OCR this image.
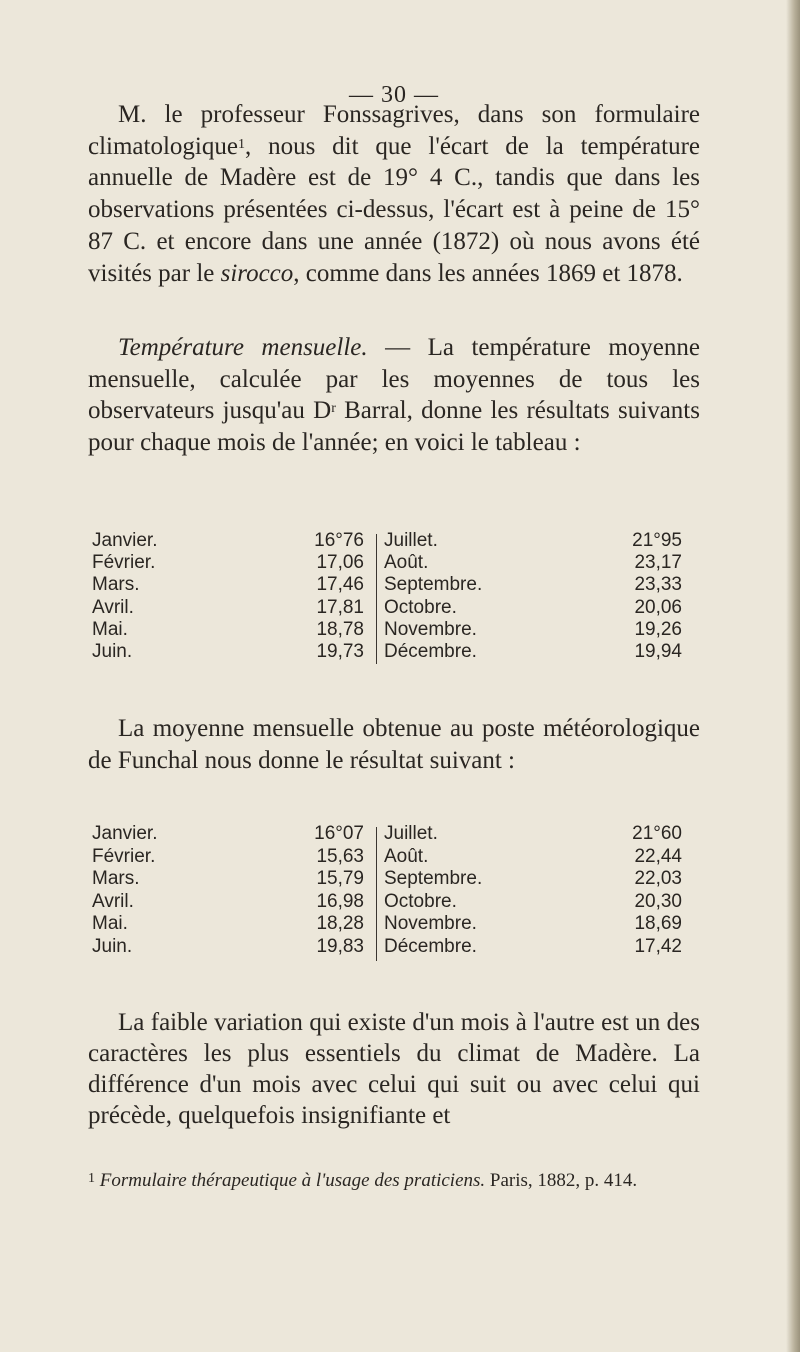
— 30 —
M. le professeur Fonssagrives, dans son formulaire climatologique$^1$, nous dit que l'écart de la température annuelle de Madère est de 19° 4 C., tandis que dans les observations présentées ci-dessus, l'écart est à peine de 15° 87 C. et encore dans une année (1872) où nous avons été visités par le sirocco, comme dans les années 1869 et 1878.
Température mensuelle. — La température moyenne mensuelle, calculée par les moyennes de tous les observateurs jusqu'au $D^r$ Barral, donne les résultats suivants pour chaque mois de l'année; en voici le tableau :
Janvier.	16°76 Juillet.	21°95
Février.	17,06 Août.	23,17
Mars.	17,46 Septembre.	23,33
Avril.	17,81 Octobre.	20,06
Mai.	18,78 Novembre.	19,26
Juin.	19,73 Décembre.	19,94
La moyenne mensuelle obtenue au poste météorologique de Funchal nous donne le résultat suivant :
Janvier.	16°07 Juillet.	21°60
Février.	15,63 Août.	22,44
Mars.	15,79 Septembre.	22,03
Avril.	16,98 Octobre.	20,30
Mai.	18,28 Novembre.	18,69
Juin.	19,83 Décembre.	17,42
La faible variation qui existe d'un mois à l'autre est un des caractères les plus essentiels du climat de Madère. La différence d'un mois avec celui qui suit ou avec celui qui précède, quelquefois insignifiante et
$^1$ Formulaire thérapeutique à l'usage des praticiens. Paris, 1882, p. 414.
